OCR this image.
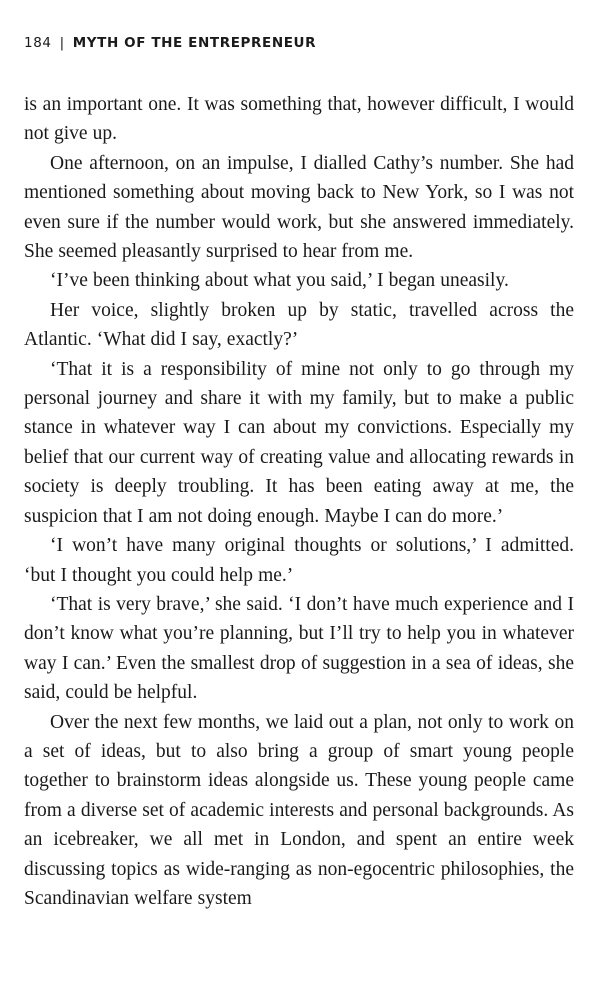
184 | MYTH OF THE ENTREPRENEUR

is an important one. It was something that, however difficult, I would not give up.

One afternoon, on an impulse, I dialled Cathy’s number. She had mentioned something about moving back to New York, so I was not even sure if the number would work, but she answered immediately. She seemed pleasantly surprised to hear from me.

‘I’ve been thinking about what you said,’ I began uneasily.

Her voice, slightly broken up by static, travelled across the Atlantic. ‘What did I say, exactly?’

‘That it is a responsibility of mine not only to go through my personal journey and share it with my family, but to make a public stance in whatever way I can about my convictions. Especially my belief that our current way of creating value and allocating rewards in society is deeply troubling. It has been eating away at me, the suspicion that I am not doing enough. Maybe I can do more.’

‘I won’t have many original thoughts or solutions,’ I admitted. ‘but I thought you could help me.’

‘That is very brave,’ she said. ‘I don’t have much experience and I don’t know what you’re planning, but I’ll try to help you in whatever way I can.’ Even the smallest drop of suggestion in a sea of ideas, she said, could be helpful.

Over the next few months, we laid out a plan, not only to work on a set of ideas, but to also bring a group of smart young people together to brainstorm ideas alongside us. These young people came from a diverse set of academic interests and personal backgrounds. As an icebreaker, we all met in London, and spent an entire week discussing topics as wide-ranging as non-egocentric philosophies, the Scandinavian welfare system
